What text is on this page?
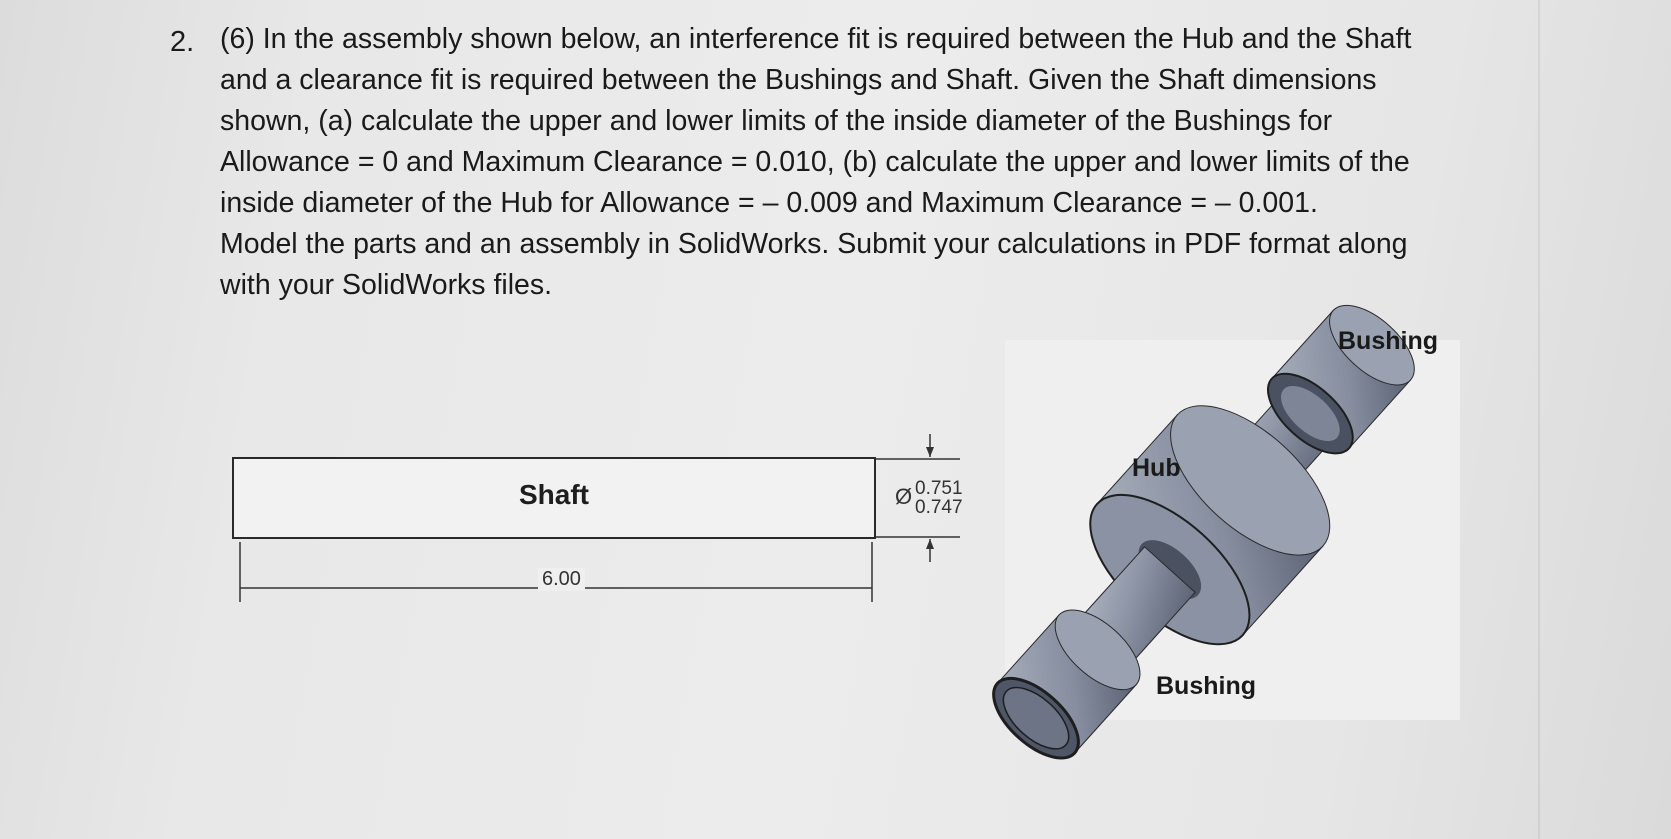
2. (6) In the assembly shown below, an interference fit is required between the Hub and the Shaft
and a clearance fit is required between the Bushings and Shaft. Given the Shaft dimensions
shown, (a) calculate the upper and lower limits of the inside diameter of the Bushings for
Allowance = 0 and Maximum Clearance = 0.010, (b) calculate the upper and lower limits of the
inside diameter of the Hub for Allowance = – 0.009 and Maximum Clearance = – 0.001.
Model the parts and an assembly in SolidWorks. Submit your calculations in PDF format along
with your SolidWorks files.
Shaft
6.00
Ø 0.751
0.747
Bushing
Hub
Bushing
